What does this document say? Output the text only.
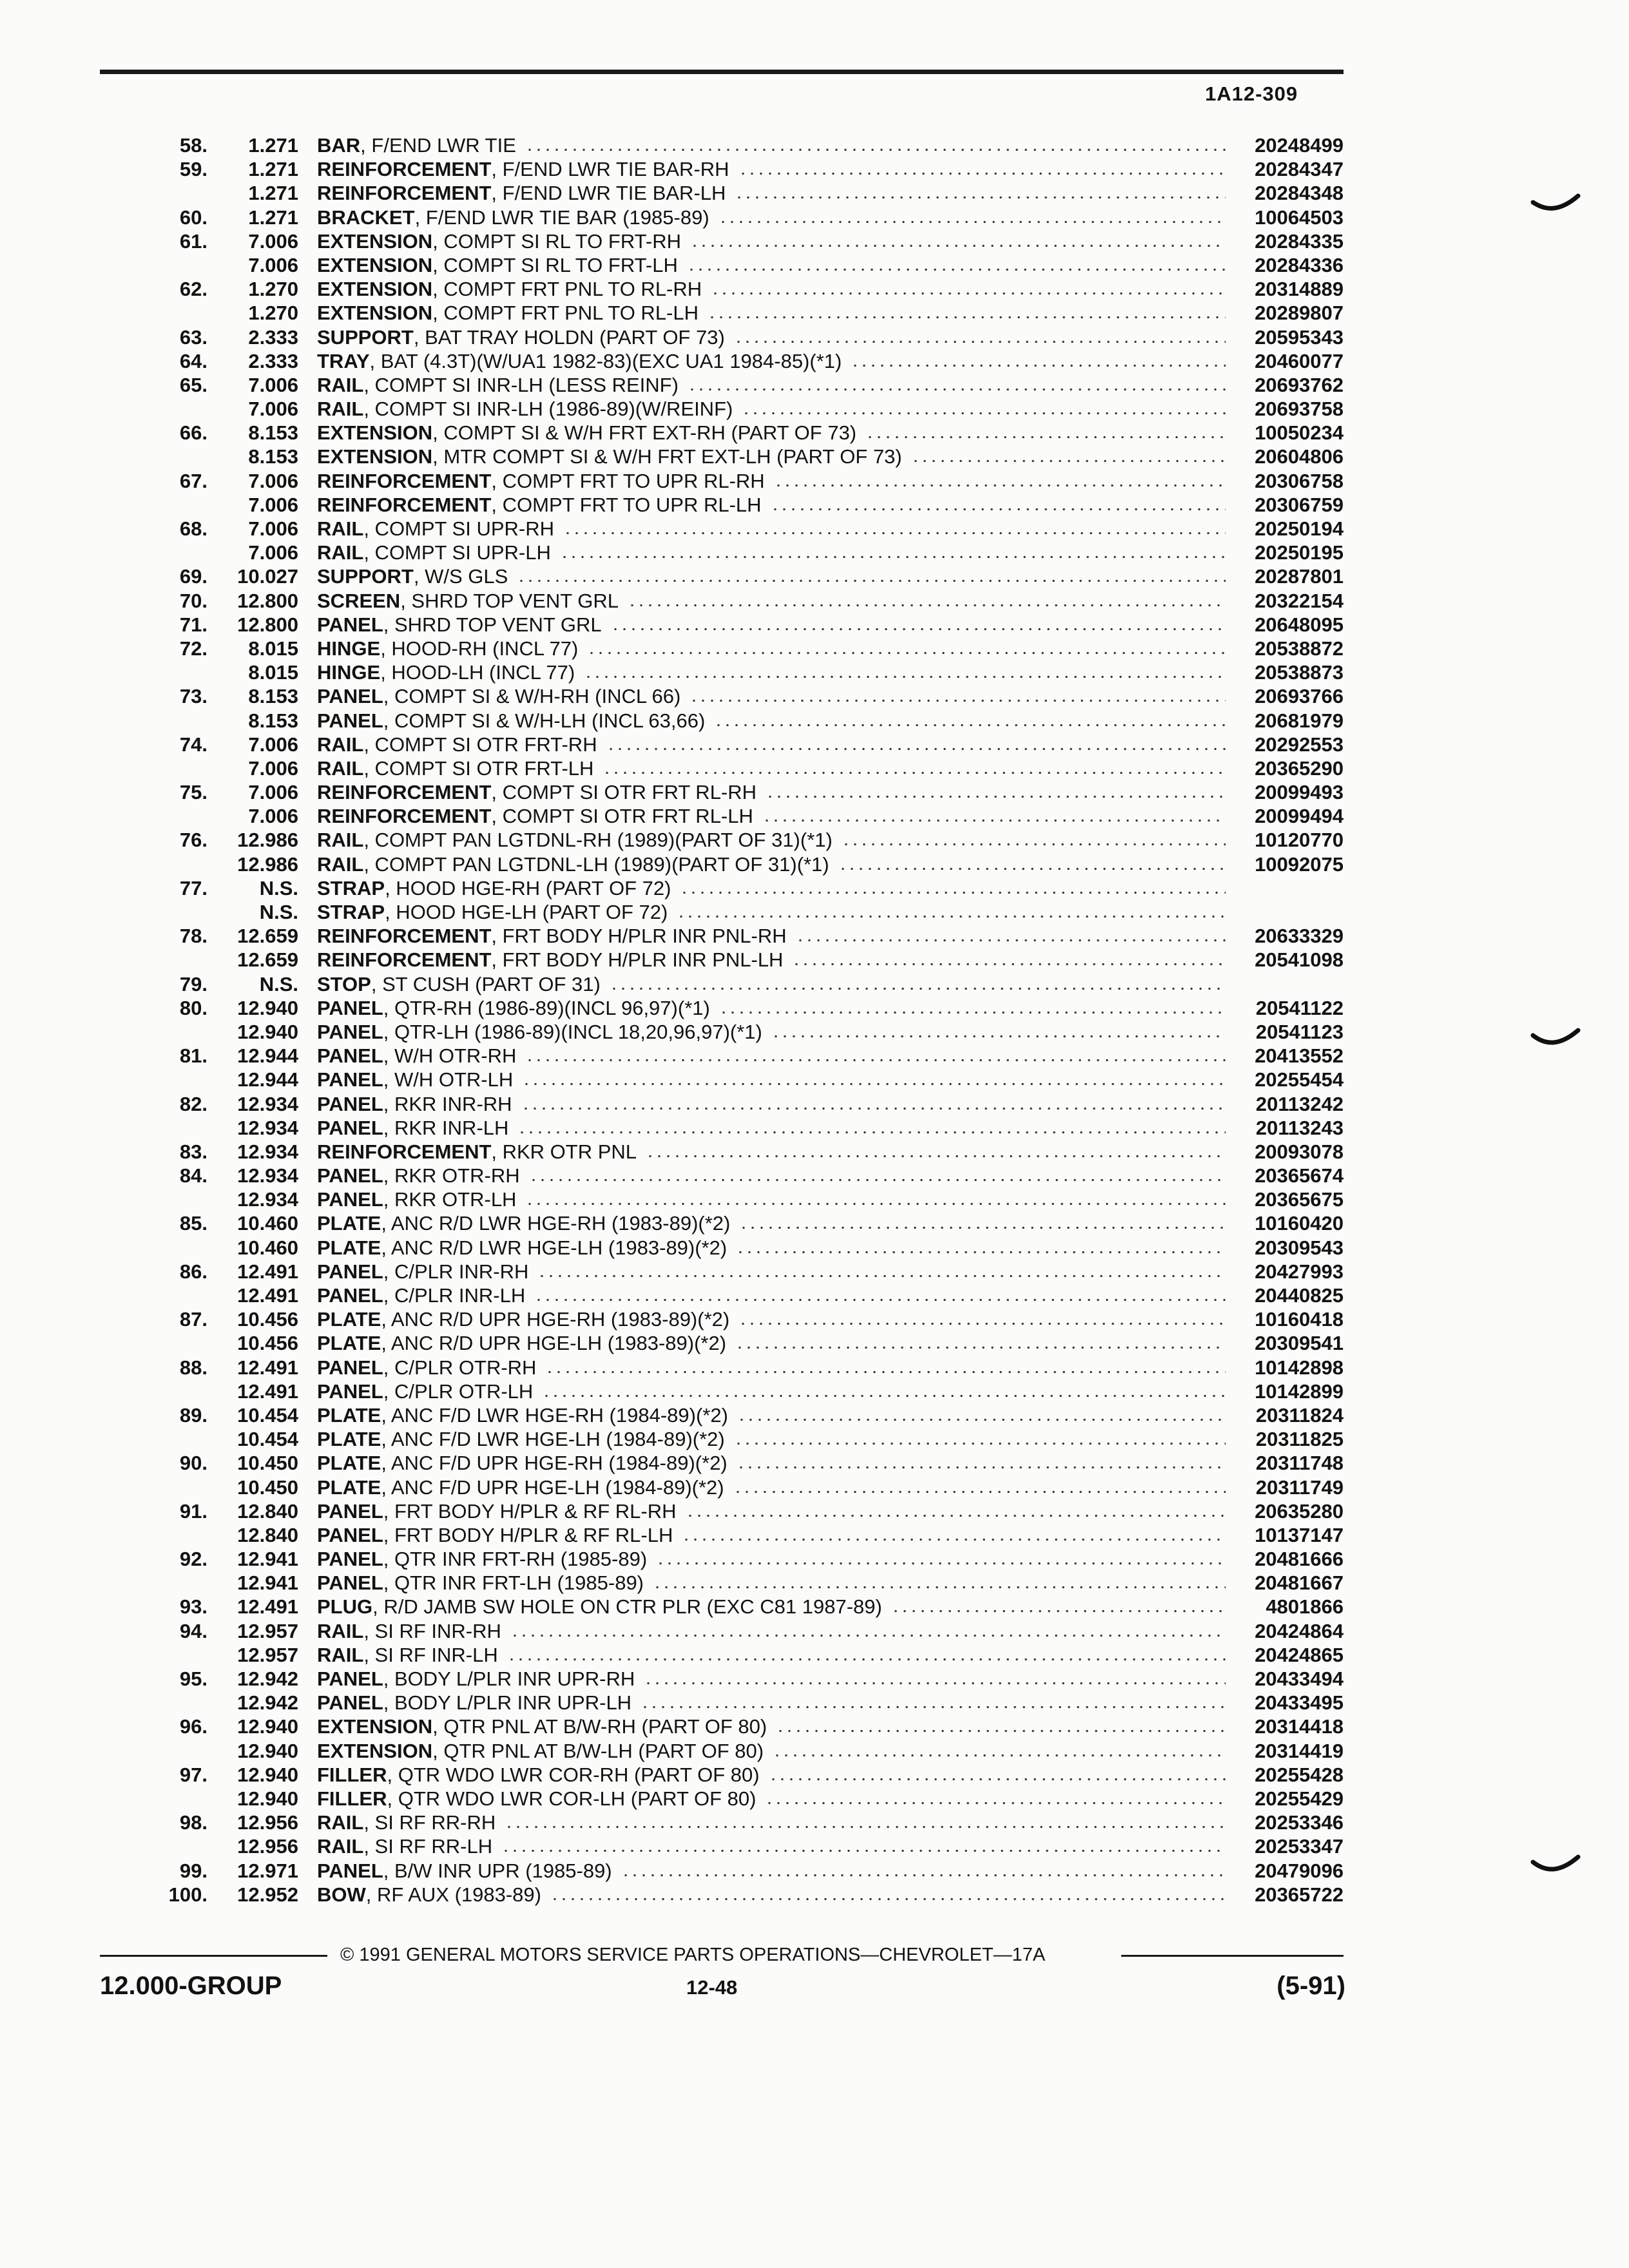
1A12-309
58.	1.271 BAR , F/END LWR TIE	20248499
59.	1.271 REINFORCEMENT , F/END LWR TIE BAR-RH	20284347
1.271 REINFORCEMENT , F/END LWR TIE BAR-LH	20284348
60.	1.271 BRACKET , F/END LWR TIE BAR (1985-89)	10064503
61.	7.006 EXTENSION , COMPT SI RL TO FRT-RH	20284335
7.006 EXTENSION , COMPT SI RL TO FRT-LH	20284336
62.	1.270 EXTENSION , COMPT FRT PNL TO RL-RH	20314889
1.270 EXTENSION , COMPT FRT PNL TO RL-LH	20289807
63.	2.333 SUPPORT , BAT TRAY HOLDN (PART OF 73)	20595343
64.	2.333 TRAY , BAT (4.3T)(W/UA1 1982-83)(EXC UA1 1984-85)(*1)	20460077
65.	7.006 RAIL , COMPT SI INR-LH (LESS REINF)	20693762
7.006 RAIL , COMPT SI INR-LH (1986-89)(W/REINF)	20693758
66.	8.153 EXTENSION , COMPT SI & W/H FRT EXT-RH (PART OF 73)	10050234
8.153 EXTENSION , MTR COMPT SI & W/H FRT EXT-LH (PART OF 73)	20604806
67.	7.006 REINFORCEMENT , COMPT FRT TO UPR RL-RH	20306758
7.006 REINFORCEMENT , COMPT FRT TO UPR RL-LH	20306759
68.	7.006 RAIL , COMPT SI UPR-RH	20250194
7.006 RAIL , COMPT SI UPR-LH	20250195
69.	10.027 SUPPORT , W/S GLS	20287801
70.	12.800 SCREEN , SHRD TOP VENT GRL	20322154
71.	12.800 PANEL , SHRD TOP VENT GRL	20648095
72.	8.015 HINGE , HOOD-RH (INCL 77)	20538872
8.015 HINGE , HOOD-LH (INCL 77)	20538873
73.	8.153 PANEL , COMPT SI & W/H-RH (INCL 66)	20693766
8.153 PANEL , COMPT SI & W/H-LH (INCL 63,66)	20681979
74.	7.006 RAIL , COMPT SI OTR FRT-RH	20292553
7.006 RAIL , COMPT SI OTR FRT-LH	20365290
75.	7.006 REINFORCEMENT , COMPT SI OTR FRT RL-RH	20099493
7.006 REINFORCEMENT , COMPT SI OTR FRT RL-LH	20099494
76.	12.986 RAIL , COMPT PAN LGTDNL-RH (1989)(PART OF 31)(*1)	10120770
12.986 RAIL , COMPT PAN LGTDNL-LH (1989)(PART OF 31)(*1)	10092075
77.	N.S. STRAP , HOOD HGE-RH (PART OF 72)
N.S. STRAP , HOOD HGE-LH (PART OF 72)
78.	12.659 REINFORCEMENT , FRT BODY H/PLR INR PNL-RH	20633329
12.659 REINFORCEMENT , FRT BODY H/PLR INR PNL-LH	20541098
79.	N.S. STOP , ST CUSH (PART OF 31)
80.	12.940 PANEL , QTR-RH (1986-89)(INCL 96,97)(*1)	20541122
12.940 PANEL , QTR-LH (1986-89)(INCL 18,20,96,97)(*1)	20541123
81.	12.944 PANEL , W/H OTR-RH	20413552
12.944 PANEL , W/H OTR-LH	20255454
82.	12.934 PANEL , RKR INR-RH	20113242
12.934 PANEL , RKR INR-LH	20113243
83.	12.934 REINFORCEMENT , RKR OTR PNL	20093078
84.	12.934 PANEL , RKR OTR-RH	20365674
12.934 PANEL , RKR OTR-LH	20365675
85.	10.460 PLATE , ANC R/D LWR HGE-RH (1983-89)(*2)	10160420
10.460 PLATE , ANC R/D LWR HGE-LH (1983-89)(*2)	20309543
86.	12.491 PANEL , C/PLR INR-RH	20427993
12.491 PANEL , C/PLR INR-LH	20440825
87.	10.456 PLATE , ANC R/D UPR HGE-RH (1983-89)(*2)	10160418
10.456 PLATE , ANC R/D UPR HGE-LH (1983-89)(*2)	20309541
88.	12.491 PANEL , C/PLR OTR-RH	10142898
12.491 PANEL , C/PLR OTR-LH	10142899
89.	10.454 PLATE , ANC F/D LWR HGE-RH (1984-89)(*2)	20311824
10.454 PLATE , ANC F/D LWR HGE-LH (1984-89)(*2)	20311825
90.	10.450 PLATE , ANC F/D UPR HGE-RH (1984-89)(*2)	20311748
10.450 PLATE , ANC F/D UPR HGE-LH (1984-89)(*2)	20311749
91.	12.840 PANEL , FRT BODY H/PLR & RF RL-RH	20635280
12.840 PANEL , FRT BODY H/PLR & RF RL-LH	10137147
92.	12.941 PANEL , QTR INR FRT-RH (1985-89)	20481666
12.941 PANEL , QTR INR FRT-LH (1985-89)	20481667
93.	12.491 PLUG , R/D JAMB SW HOLE ON CTR PLR (EXC C81 1987-89)	4801866
94.	12.957 RAIL , SI RF INR-RH	20424864
12.957 RAIL , SI RF INR-LH	20424865
95.	12.942 PANEL , BODY L/PLR INR UPR-RH	20433494
12.942 PANEL , BODY L/PLR INR UPR-LH	20433495
96.	12.940 EXTENSION , QTR PNL AT B/W-RH (PART OF 80)	20314418
12.940 EXTENSION , QTR PNL AT B/W-LH (PART OF 80)	20314419
97.	12.940 FILLER , QTR WDO LWR COR-RH (PART OF 80)	20255428
12.940 FILLER , QTR WDO LWR COR-LH (PART OF 80)	20255429
98.	12.956 RAIL , SI RF RR-RH	20253346
12.956 RAIL , SI RF RR-LH	20253347
99.	12.971 PANEL , B/W INR UPR (1985-89)	20479096
100.	12.952 BOW , RF AUX (1983-89)	20365722
© 1991 GENERAL MOTORS SERVICE PARTS OPERATIONS—CHEVROLET—17A
12.000-GROUP	12-48	(5-91)
